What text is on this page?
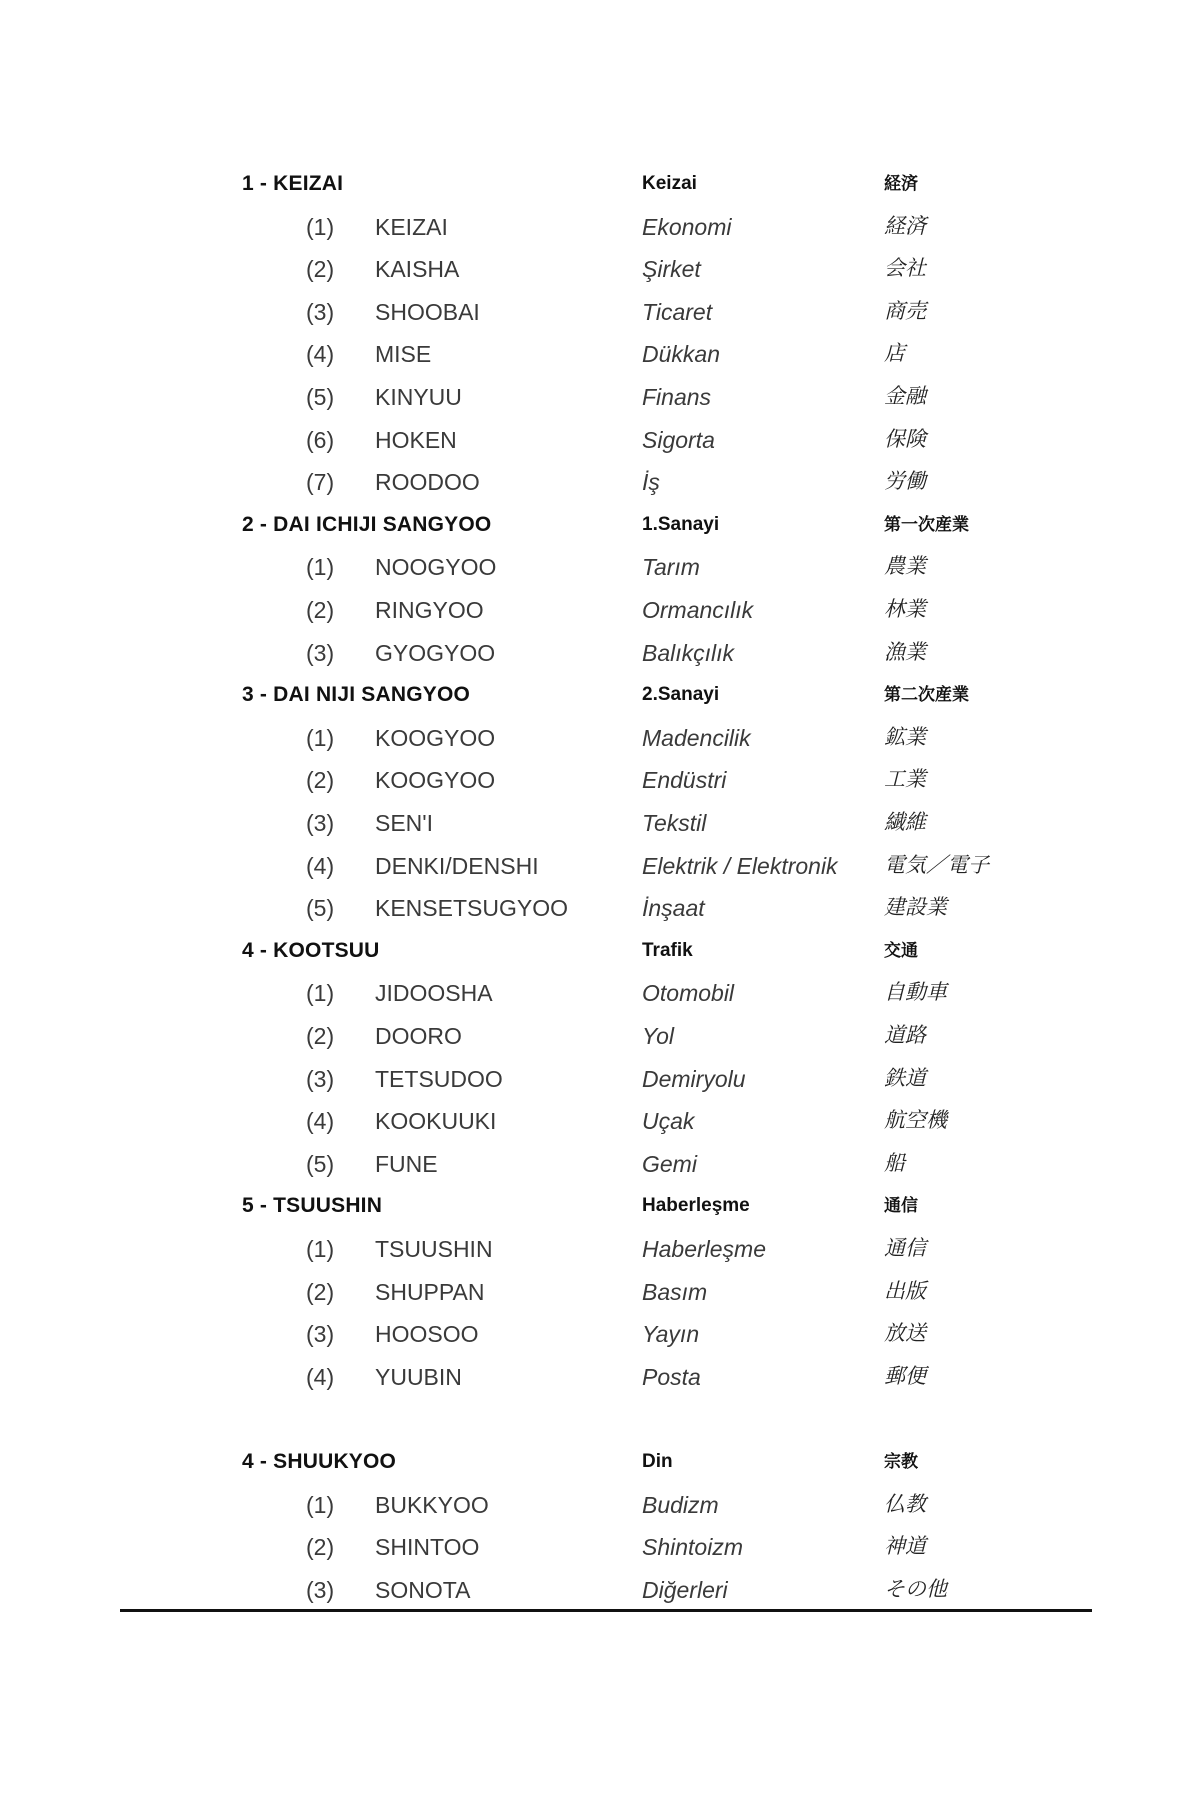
1 - KEIZAI	Keizai	経済
(1) KEIZAI	Ekonomi	経済
(2) KAISHA	Şirket	会社
(3) SHOOBAI	Ticaret	商売
(4) MISE	Dükkan	店
(5) KINYUU	Finans	金融
(6) HOKEN	Sigorta	保険
(7) ROODOO	İş	労働
2 - DAI ICHIJI SANGYOO	1.Sanayi	第一次産業
(1) NOOGYOO	Tarım	農業
(2) RINGYOO	Ormancılık	林業
(3) GYOGYOO	Balıkçılık	漁業
3 - DAI NIJI SANGYOO	2.Sanayi	第二次産業
(1) KOOGYOO	Madencilik	鉱業
(2) KOOGYOO	Endüstri	工業
(3) SEN'I	Tekstil	繊維
(4) DENKI/DENSHI	Elektrik / Elektronik 電気／電子
(5) KENSETSUGYOO	İnşaat	建設業
4 - KOOTSUU	Trafik	交通
(1) JIDOOSHA	Otomobil	自動車
(2) DOORO	Yol	道路
(3) TETSUDOO	Demiryolu	鉄道
(4) KOOKUUKI	Uçak	航空機
(5) FUNE	Gemi	船
5 - TSUUSHIN	Haberleşme	通信
(1) TSUUSHIN	Haberleşme	通信
(2) SHUPPAN	Basım	出版
(3) HOOSOO	Yayın	放送
(4) YUUBIN	Posta	郵便
4 - SHUUKYOO	Din	宗教
(1) BUKKYOO	Budizm	仏教
(2) SHINTOO	Shintoizm	神道
(3) SONOTA	Diğerleri	その他
